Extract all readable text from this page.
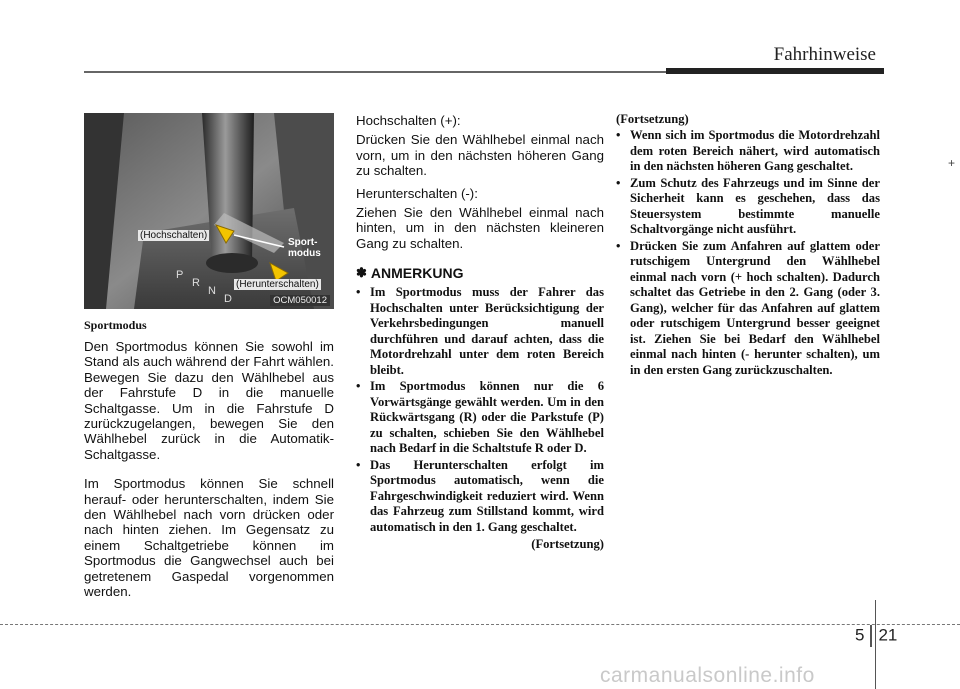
Fahrhinweise
+
P
R
N
D
(Hochschalten)
Sport-
modus
(Herunterschalten)
OCM050012
Sportmodus

Den Sportmodus können Sie sowohl im Stand als auch während der Fahrt wählen. Bewegen Sie dazu den Wählhebel aus der Fahrstufe D in die manuelle Schaltgasse. Um in die Fahrstufe D zurückzugelangen, bewegen Sie den Wählhebel zurück in die Automatik-Schaltgasse.

Im Sportmodus können Sie schnell herauf- oder herunterschalten, indem Sie den Wählhebel nach vorn drücken oder nach hinten ziehen. Im Gegensatz zu einem Schaltgetriebe können im Sportmodus die Gangwechsel auch bei getretenem Gaspedal vorgenommen werden.

Hochschalten (+):

Drücken Sie den Wählhebel einmal nach vorn, um in den nächsten höheren Gang zu schalten.

Herunterschalten (-):

Ziehen Sie den Wählhebel einmal nach hinten, um in den nächsten kleineren Gang zu schalten.

✽ ANMERKUNG
• Im Sportmodus muss der Fahrer das Hochschalten unter Berücksichtigung der Verkehrsbedingungen manuell durchführen und darauf achten, dass die Motordrehzahl unter dem roten Bereich bleibt.
• Im Sportmodus können nur die 6 Vorwärtsgänge gewählt werden. Um in den Rückwärtsgang (R) oder die Parkstufe (P) zu schalten, schieben Sie den Wählhebel nach Bedarf in die Schaltstufe R oder D.
• Das Herunterschalten erfolgt im Sportmodus automatisch, wenn die Fahrgeschwindigkeit reduziert wird. Wenn das Fahrzeug zum Stillstand kommt, wird automatisch in den 1. Gang geschaltet.
(Fortsetzung)
(Fortsetzung)
• Wenn sich im Sportmodus die Motordrehzahl dem roten Bereich nähert, wird automatisch in den nächsten höheren Gang geschaltet.
• Zum Schutz des Fahrzeugs und im Sinne der Sicherheit kann es geschehen, dass das Steuersystem bestimmte manuelle Schaltvorgänge nicht ausführt.
• Drücken Sie zum Anfahren auf glattem oder rutschigem Untergrund den Wählhebel einmal nach vorn (+ hoch schalten). Dadurch schaltet das Getriebe in den 2. Gang (oder 3. Gang), welcher für das Anfahren auf glattem oder rutschigem Untergrund besser geeignet ist. Ziehen Sie bei Bedarf den Wählhebel einmal nach hinten (- herunter schalten), um in den ersten Gang zurückzuschalten.
5 21
carmanualsonline.info
